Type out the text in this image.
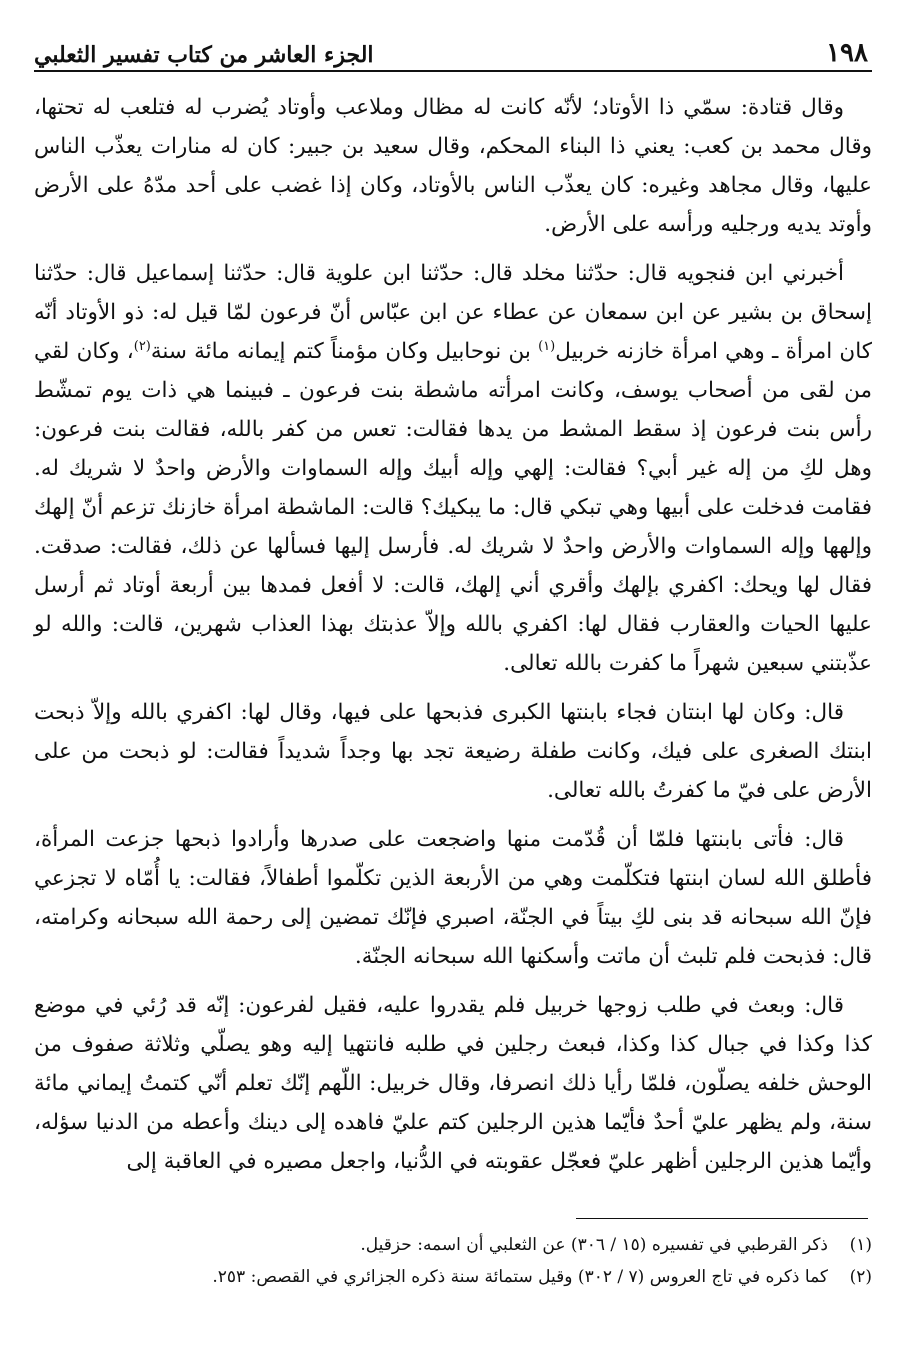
١٩٨
الجزء العاشر من كتاب تفسير الثعلبي

وقال قتادة: سمّي ذا الأوتاد؛ لأنّه كانت له مظال وملاعب وأوتاد يُضرب له فتلعب له تحتها، وقال محمد بن كعب: يعني ذا البناء المحكم، وقال سعيد بن جبير: كان له منارات يعذّب الناس عليها، وقال مجاهد وغيره: كان يعذّب الناس بالأوتاد، وكان إذا غضب على أحد مدّهُ على الأرض وأوتد يديه ورجليه ورأسه على الأرض.

أخبرني ابن فنجويه قال: حدّثنا مخلد قال: حدّثنا ابن علوية قال: حدّثنا إسماعيل قال: حدّثنا إسحاق بن بشير عن ابن سمعان عن عطاء عن ابن عبّاس أنّ فرعون لمّا قيل له: ذو الأوتاد أنّه كان امرأة ـ وهي امرأة خازنه خربيل$^{(١)}$ بن نوحابيل وكان مؤمناً كتم إيمانه مائة سنة$^{(٢)}$، وكان لقي من لقى من أصحاب يوسف، وكانت امرأته ماشطة بنت فرعون ـ فبينما هي ذات يوم تمشّط رأس بنت فرعون إذ سقط المشط من يدها فقالت: تعس من كفر بالله، فقالت بنت فرعون: وهل لكِ من إله غير أبي؟ فقالت: إلهي وإله أبيك وإله السماوات والأرض واحدٌ لا شريك له. فقامت فدخلت على أبيها وهي تبكي قال: ما يبكيك؟ قالت: الماشطة امرأة خازنك تزعم أنّ إلهك وإلهها وإله السماوات والأرض واحدٌ لا شريك له. فأرسل إليها فسألها عن ذلك، فقالت: صدقت. فقال لها ويحك: اكفري بإلهك وأقري أني إلهك، قالت: لا أفعل فمدها بين أربعة أوتاد ثم أرسل عليها الحيات والعقارب فقال لها: اكفري بالله وإلاّ عذبتك بهذا العذاب شهرين، قالت: والله لو عذّبتني سبعين شهراً ما كفرت بالله تعالى.

قال: وكان لها ابنتان فجاء بابنتها الكبرى فذبحها على فيها، وقال لها: اكفري بالله وإلاّ ذبحت ابنتك الصغرى على فيك، وكانت طفلة رضيعة تجد بها وجداً شديداً فقالت: لو ذبحت من على الأرض على فيّ ما كفرتُ بالله تعالى.

قال: فأتى بابنتها فلمّا أن قُدّمت منها واضجعت على صدرها وأرادوا ذبحها جزعت المرأة، فأطلق الله لسان ابنتها فتكلّمت وهي من الأربعة الذين تكلّموا أطفالاً، فقالت: يا أُمّاه لا تجزعي فإنّ الله سبحانه قد بنى لكِ بيتاً في الجنّة، اصبري فإنّك تمضين إلى رحمة الله سبحانه وكرامته، قال: فذبحت فلم تلبث أن ماتت وأسكنها الله سبحانه الجنّة.

قال: وبعث في طلب زوجها خربيل فلم يقدروا عليه، فقيل لفرعون: إنّه قد رُئي في موضع كذا وكذا في جبال كذا وكذا، فبعث رجلين في طلبه فانتهيا إليه وهو يصلّي وثلاثة صفوف من الوحش خلفه يصلّون، فلمّا رأيا ذلك انصرفا، وقال خربيل: اللّهم إنّك تعلم أنّي كتمتُ إيماني مائة سنة، ولم يظهر عليّ أحدٌ فأيّما هذين الرجلين كتم عليّ فاهده إلى دينك وأعطه من الدنيا سؤله، وأيّما هذين الرجلين أظهر عليّ فعجّل عقوبته في الدُّنيا، واجعل مصيره في العاقبة إلى

(١)
ذكر القرطبي في تفسيره (١٥ / ٣٠٦) عن الثعلبي أن اسمه: حزقيل.
(٢)
كما ذكره في تاج العروس (٧ / ٣٠٢) وقيل ستمائة سنة ذكره الجزائري في القصص: ٢٥٣.
